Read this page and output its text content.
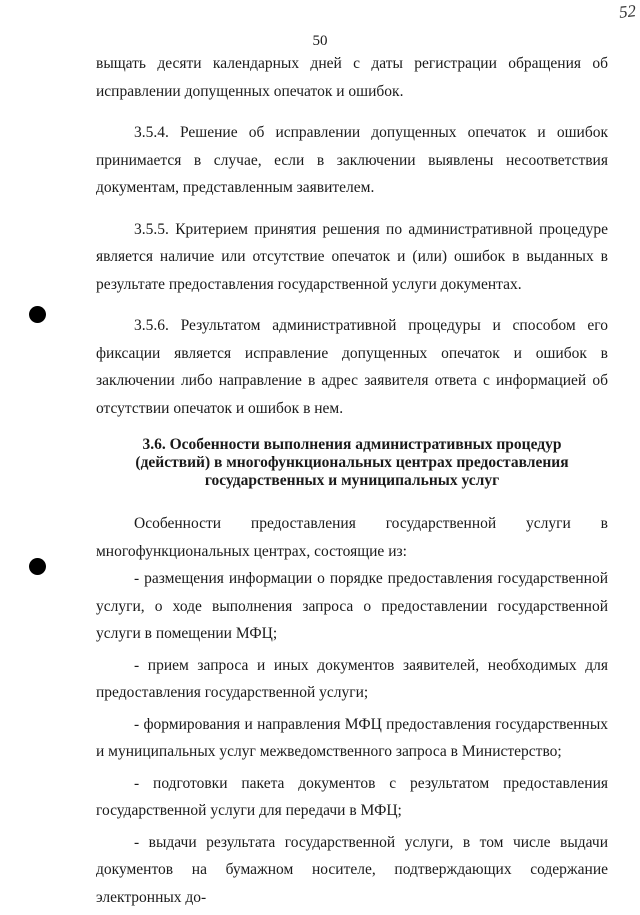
50
52

выщать десяти календарных дней с даты регистрации обращения об исправлении допущенных опечаток и ошибок.

3.5.4. Решение об исправлении допущенных опечаток и ошибок принимается в случае, если в заключении выявлены несоответствия документам, представленным заявителем.

3.5.5. Критерием принятия решения по административной процедуре является наличие или отсутствие опечаток и (или) ошибок в выданных в результате предоставления государственной услуги документах.

3.5.6. Результатом административной процедуры и способом его фиксации является исправление допущенных опечаток и ошибок в заключении либо направление в адрес заявителя ответа с информацией об отсутствии опечаток и ошибок в нем.

3.6. Особенности выполнения административных процедур (действий) в многофункциональных центрах предоставления государственных и муниципальных услуг

Особенности предоставления государственной услуги в многофункциональных центрах, состоящие из:

- размещения информации о порядке предоставления государственной услуги, о ходе выполнения запроса о предоставлении государственной услуги в помещении МФЦ;

- прием запроса и иных документов заявителей, необходимых для предоставления государственной услуги;

- формирования и направления МФЦ предоставления государственных и муниципальных услуг межведомственного запроса в Министерство;

- подготовки пакета документов с результатом предоставления государственной услуги для передачи в МФЦ;

- выдачи результата государственной услуги, в том числе выдачи документов на бумажном носителе, подтверждающих содержание электронных до-
